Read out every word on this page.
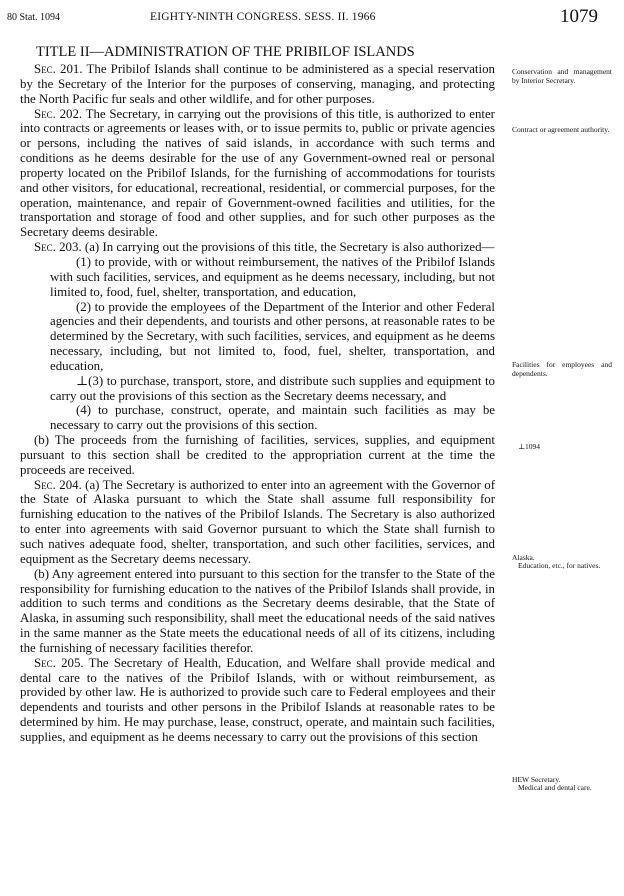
80 Stat. 1094	EIGHTY-NINTH CONGRESS. SESS. II. 1966	1079
TITLE II—ADMINISTRATION OF THE PRIBILOF ISLANDS

Sec. 201. The Pribilof Islands shall continue to be administered as a special reservation by the Secretary of the Interior for the purposes of conserving, managing, and protecting the North Pacific fur seals and other wildlife, and for other purposes.

Sec. 202. The Secretary, in carrying out the provisions of this title, is authorized to enter into contracts or agreements or leases with, or to issue permits to, public or private agencies or persons, including the natives of said islands, in accordance with such terms and conditions as he deems desirable for the use of any Government-owned real or personal property located on the Pribilof Islands, for the furnishing of accommodations for tourists and other visitors, for educational, recreational, residential, or commercial purposes, for the operation, maintenance, and repair of Government-owned facilities and utilities, for the transportation and storage of food and other supplies, and for such other purposes as the Secretary deems desirable.

Sec. 203. (a) In carrying out the provisions of this title, the Secretary is also authorized—

(1) to provide, with or without reimbursement, the natives of the Pribilof Islands with such facilities, services, and equipment as he deems necessary, including, but not limited to, food, fuel, shelter, transportation, and education,

(2) to provide the employees of the Department of the Interior and other Federal agencies and their dependents, and tourists and other persons, at reasonable rates to be determined by the Secretary, with such facilities, services, and equipment as he deems necessary, including, but not limited to, food, fuel, shelter, transportation, and education,

⊥(3) to purchase, transport, store, and distribute such supplies and equipment to carry out the provisions of this section as the Secretary deems necessary, and

(4) to purchase, construct, operate, and maintain such facilities as may be necessary to carry out the provisions of this section.

(b) The proceeds from the furnishing of facilities, services, supplies, and equipment pursuant to this section shall be credited to the appropriation current at the time the proceeds are received.

Sec. 204. (a) The Secretary is authorized to enter into an agreement with the Governor of the State of Alaska pursuant to which the State shall assume full responsibility for furnishing education to the natives of the Pribilof Islands. The Secretary is also authorized to enter into agreements with said Governor pursuant to which the State shall furnish to such natives adequate food, shelter, transportation, and such other facilities, services, and equipment as the Secretary deems necessary.

(b) Any agreement entered into pursuant to this section for the transfer to the State of the responsibility for furnishing education to the natives of the Pribilof Islands shall provide, in addition to such terms and conditions as the Secretary deems desirable, that the State of Alaska, in assuming such responsibility, shall meet the educational needs of the said natives in the same manner as the State meets the educational needs of all of its citizens, including the furnishing of necessary facilities therefor.

Sec. 205. The Secretary of Health, Education, and Welfare shall provide medical and dental care to the natives of the Pribilof Islands, with or without reimbursement, as provided by other law. He is authorized to provide such care to Federal employees and their dependents and tourists and other persons in the Pribilof Islands at reasonable rates to be determined by him. He may purchase, lease, construct, operate, and maintain such facilities, supplies, and equipment as he deems necessary to carry out the provisions of this section

Conservation and management by Interior Secretary.
Contract or agreement authority.
Facilities for employees and dependents.
⊥1094
Alaska.
Education, etc., for natives.
HEW Secretary.
Medical and dental care.
